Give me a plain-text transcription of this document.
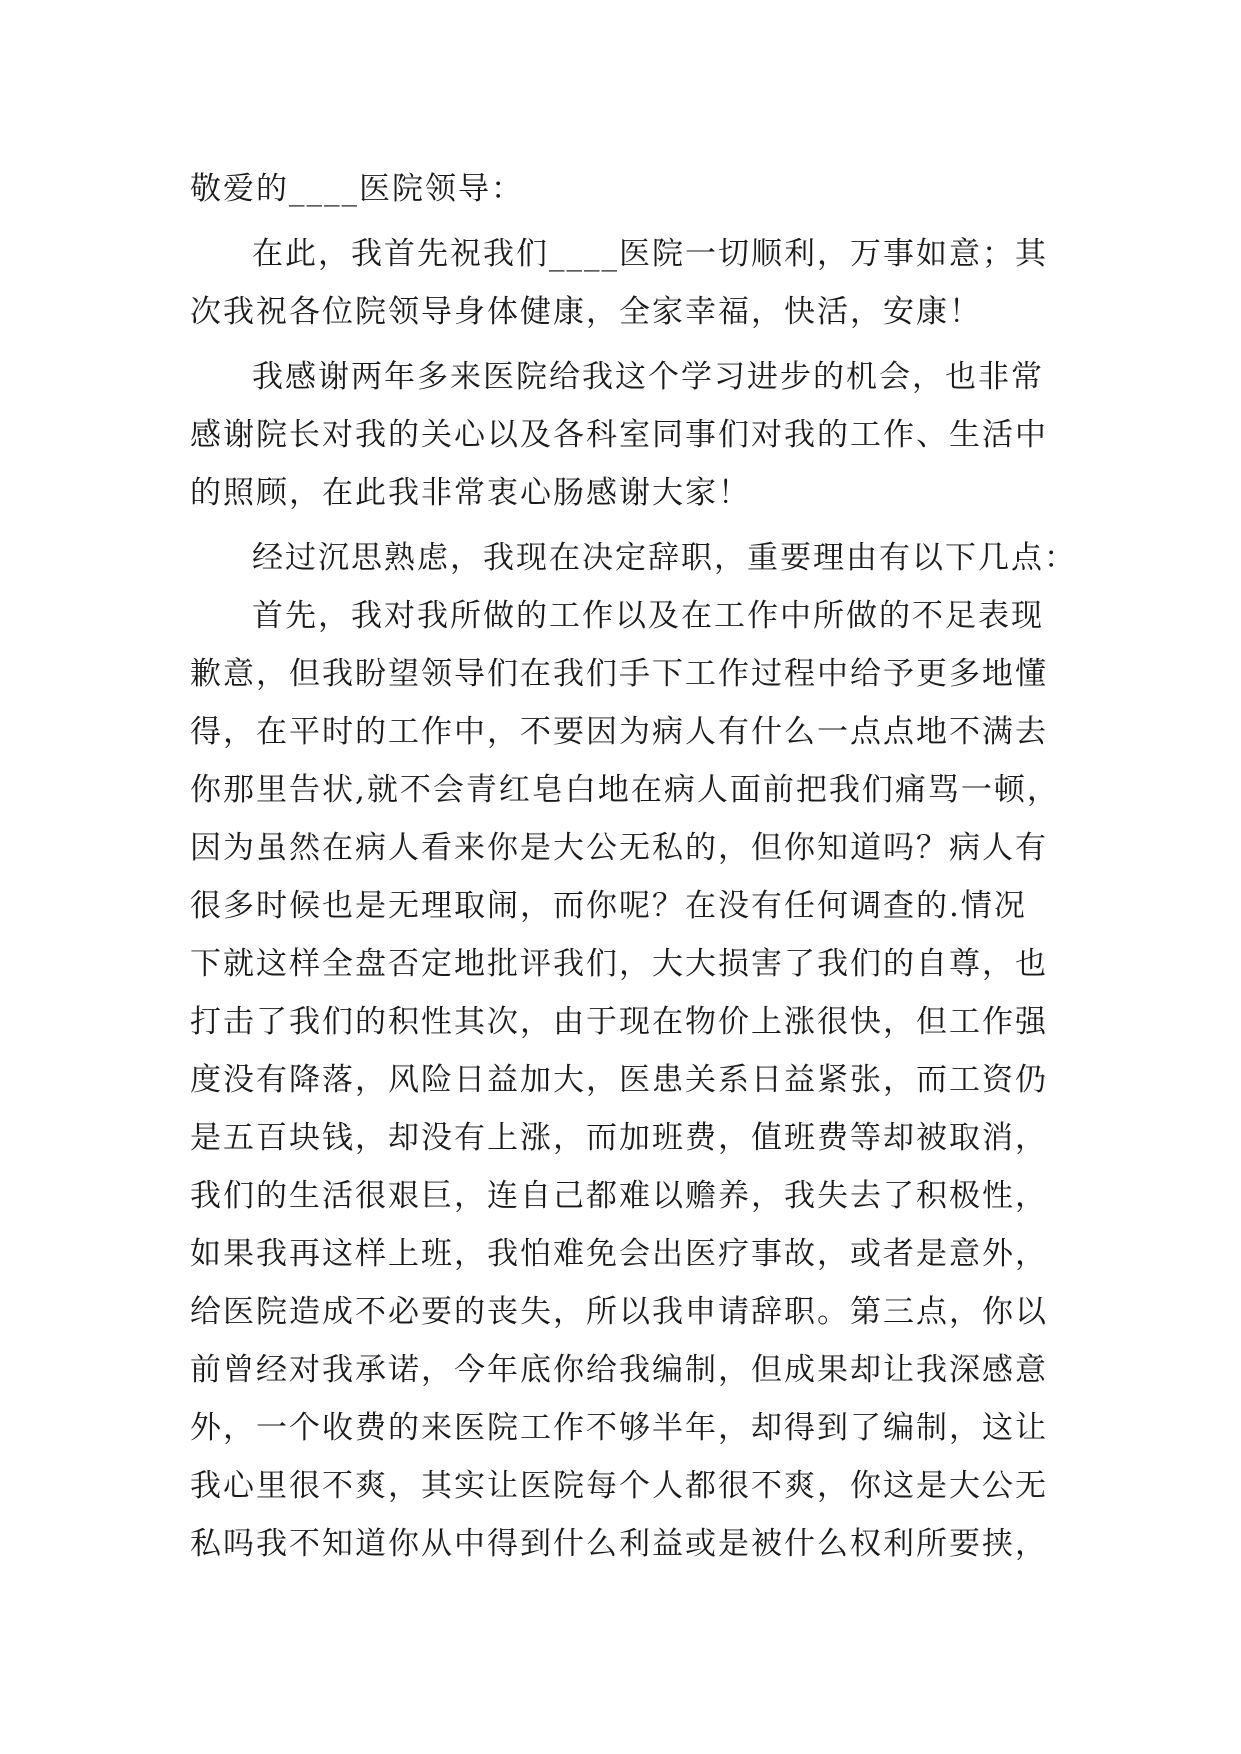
敬爱的____医院领导：
在此，我首先祝我们____医院一切顺利，万事如意；其
次我祝各位院领导身体健康，全家幸福，快活，安康！
我感谢两年多来医院给我这个学习进步的机会，也非常
感谢院长对我的关心以及各科室同事们对我的工作、生活中
的照顾，在此我非常衷心肠感谢大家！
经过沉思熟虑，我现在决定辞职，重要理由有以下几点：
首先，我对我所做的工作以及在工作中所做的不足表现
歉意，但我盼望领导们在我们手下工作过程中给予更多地懂
得，在平时的工作中，不要因为病人有什么一点点地不满去
你那里告状,就不会青红皂白地在病人面前把我们痛骂一顿，
因为虽然在病人看来你是大公无私的，但你知道吗？病人有
很多时候也是无理取闹，而你呢？在没有任何调查的.情况
下就这样全盘否定地批评我们，大大损害了我们的自尊，也
打击了我们的积性其次，由于现在物价上涨很快，但工作强
度没有降落，风险日益加大，医患关系日益紧张，而工资仍
是五百块钱，却没有上涨，而加班费，值班费等却被取消，
我们的生活很艰巨，连自己都难以赡养，我失去了积极性，
如果我再这样上班，我怕难免会出医疗事故，或者是意外，
给医院造成不必要的丧失，所以我申请辞职。第三点，你以
前曾经对我承诺，今年底你给我编制，但成果却让我深感意
外，一个收费的来医院工作不够半年，却得到了编制，这让
我心里很不爽，其实让医院每个人都很不爽，你这是大公无
私吗我不知道你从中得到什么利益或是被什么权利所要挟，
